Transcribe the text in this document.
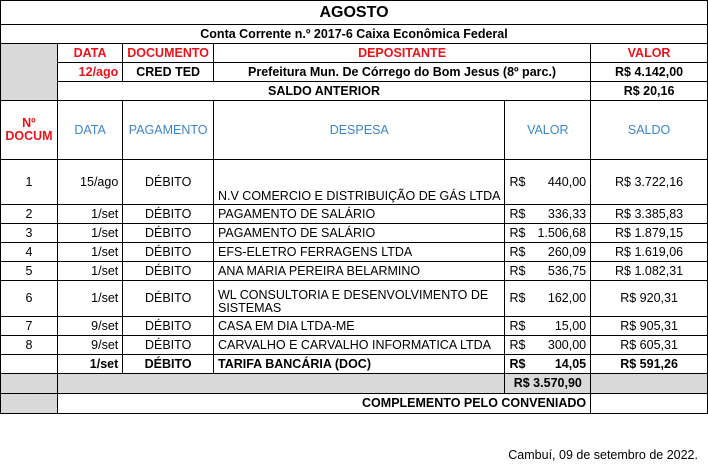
AGOSTO					
Conta Corrente n.º 2017-6 Caixa Econômica Federal					
	DATA	DOCUMENTO	DEPOSITANTE		VALOR
	12/ago	CRED TED	Prefeitura Mun. De Córrego do Bom Jesus (8º parc.)		R$ 4.142,00
	SALDO ANTERIOR				R$ 20,16
Nº DOCUM	DATA	PAGAMENTO	DESPESA	VALOR	SALDO
1	15/ago	DÉBITO	N.V COMERCIO E DISTRIBUIÇÃO DE GÁS LTDA	R$ 440,00	R$ 3.722,16
2	1/set	DÉBITO	PAGAMENTO DE SALÁRIO	R$ 336,33	R$ 3.385,83
3	1/set	DÉBITO	PAGAMENTO DE SALÁRIO	R$ 1.506,68	R$ 1.879,15
4	1/set	DÉBITO	EFS-ELETRO FERRAGENS LTDA	R$ 260,09	R$ 1.619,06
5	1/set	DÉBITO	ANA MARIA PEREIRA BELARMINO	R$ 536,75	R$ 1.082,31
6	1/set	DÉBITO	WL CONSULTORIA E DESENVOLVIMENTO DE SISTEMAS	R$ 162,00	R$ 920,31
7	9/set	DÉBITO	CASA EM DIA LTDA-ME	R$ 15,00	R$ 905,31
8	9/set	DÉBITO	CARVALHO E CARVALHO INFORMATICA LTDA	R$ 300,00	R$ 605,31
	1/set	DÉBITO	TARIFA BANCÁRIA (DOC)	R$ 14,05	R$ 591,26
				R$ 3.570,90	
	COMPLEMENTO PELO CONVENIADO				
Cambuí, 09 de setembro de 2022.
